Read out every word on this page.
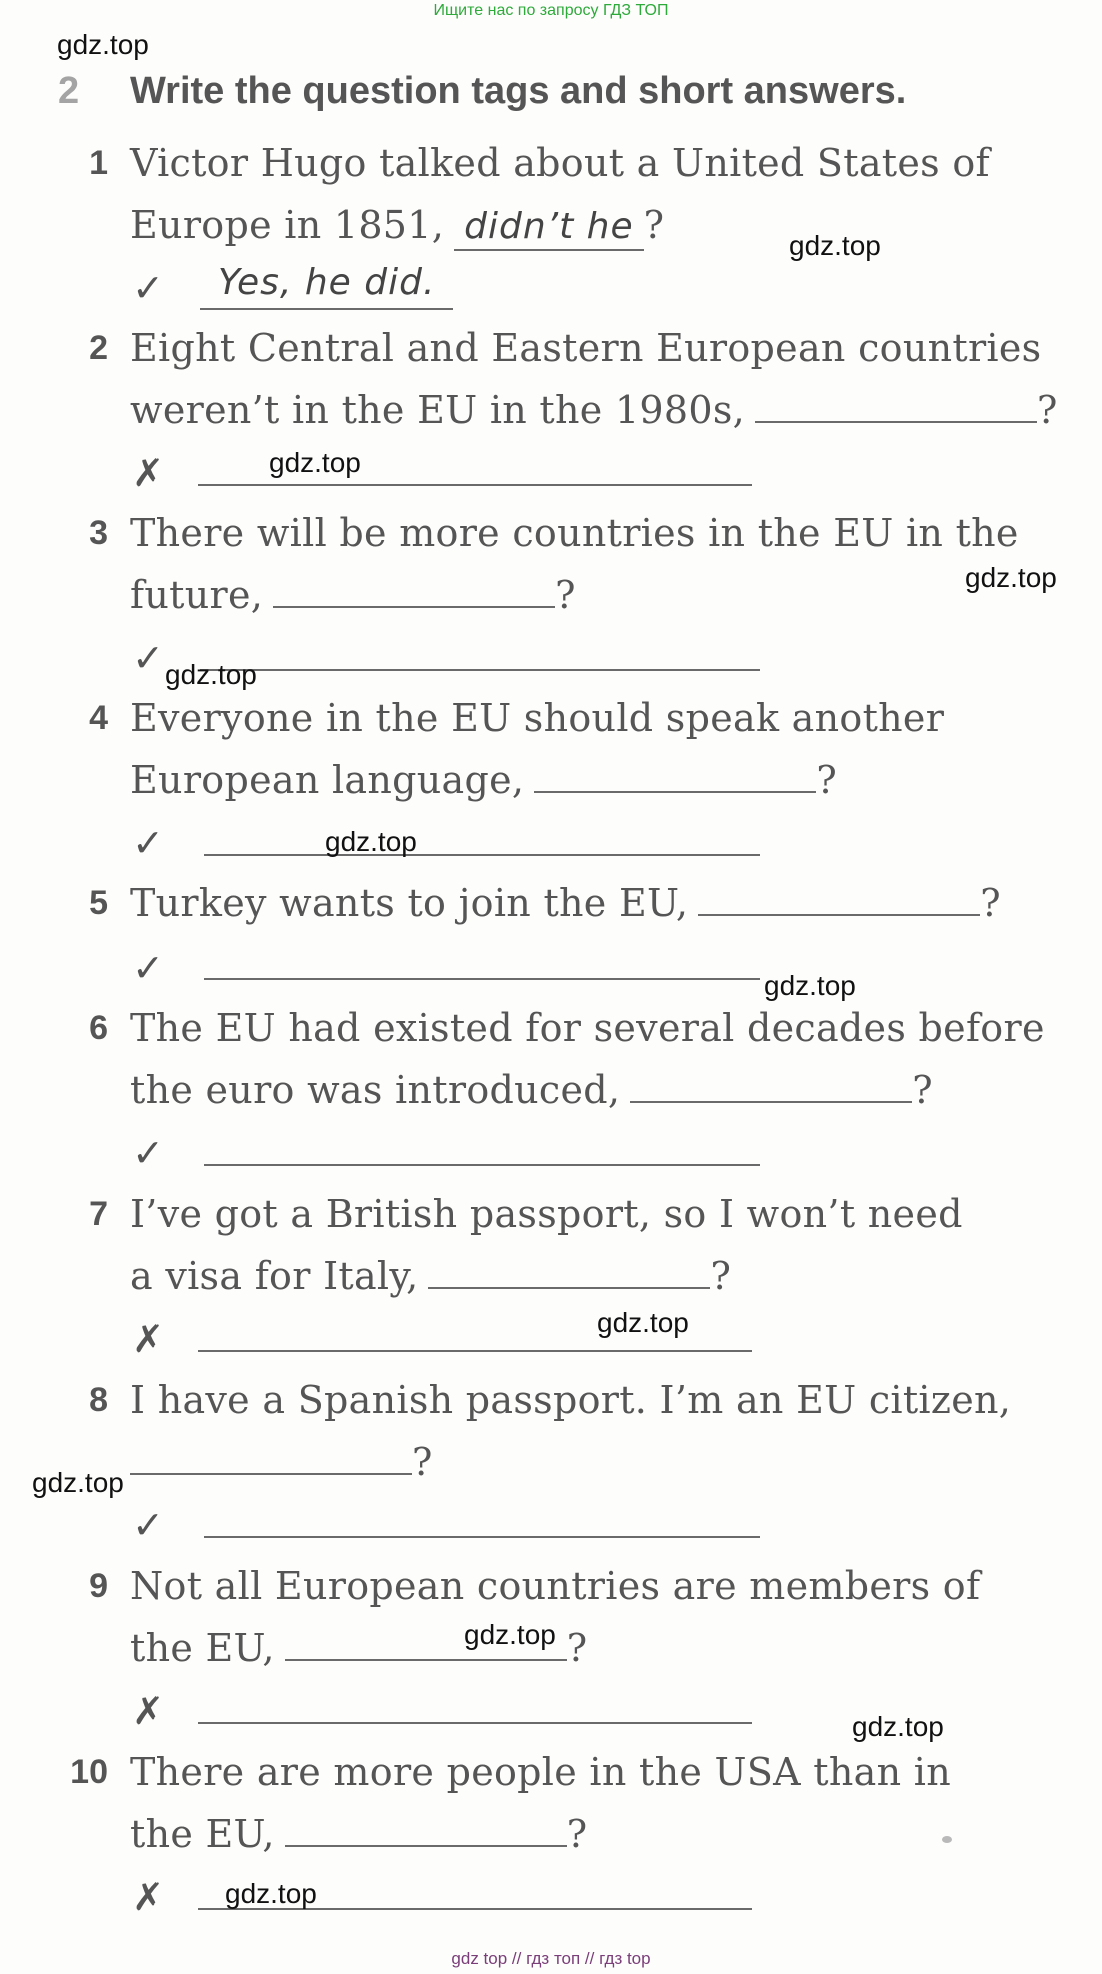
Ищите нас по запросу ГДЗ ТОП
2 Write the question tags and short answers.
1 Victor Hugo talked about a United States of
Europe in 1851, didn’t he ?
✓	Yes, he did.
2 Eight Central and Eastern European countries
weren’t in the EU in the 1980s,	?
✗
3 There will be more countries in the EU in the
future,	?
✓
4 Everyone in the EU should speak another
European language,	?
✓
5 Turkey wants to join the EU,	?
✓
6 The EU had existed for several decades before
the euro was introduced,	?
✓
7 I’ve got a British passport, so I won’t need
a visa for Italy,	?
✗
8 I have a Spanish passport. I’m an EU citizen,
?
✓
9 Not all European countries are members of
the EU,	?
✗
10 There are more people in the USA than in
the EU,	?
✗
gdz.top
gdz.top
gdz.top
gdz.top
gdz.top
gdz.top
gdz.top
gdz.top
gdz.top
gdz.top
gdz.top
gdz.top
gdz top // гдз топ // гдз top
